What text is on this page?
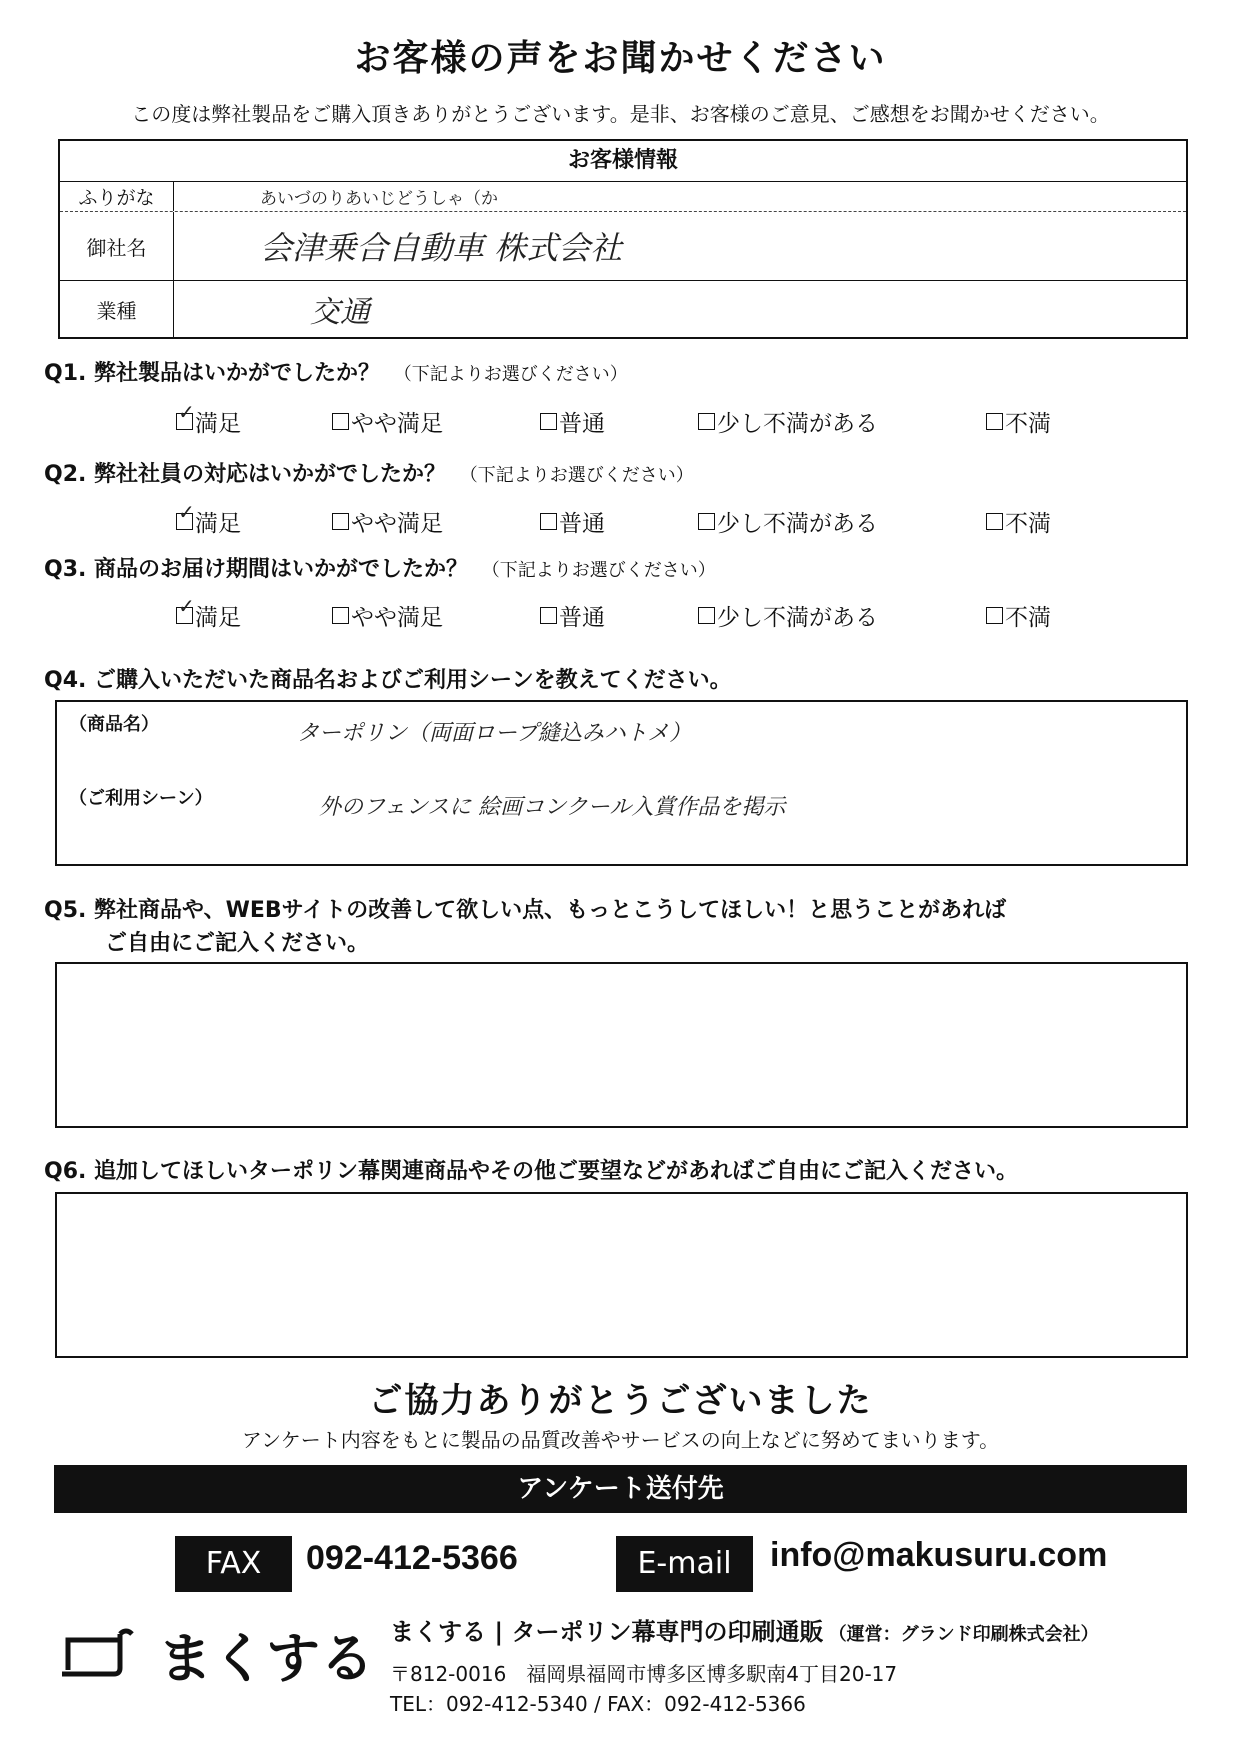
お客様の声をお聞かせください
この度は弊社製品をご購入頂きありがとうございます。是非、お客様のご意見、ご感想をお聞かせください。
お客様情報
ふりがな	あいづのりあいじどうしゃ（か
御社名	会津乗合自動車 株式会社
業種	交通
Q1. 弊社製品はいかがでしたか？ （下記よりお選びください）
✓
満足	やや満足	普通	少し不満がある	不満
Q2. 弊社社員の対応はいかがでしたか？ （下記よりお選びください）
✓
満足	やや満足	普通	少し不満がある	不満
Q3. 商品のお届け期間はいかがでしたか？ （下記よりお選びください）
✓
満足	やや満足	普通	少し不満がある	不満
Q4. ご購入いただいた商品名およびご利用シーンを教えてください。
（商品名）	ターポリン（両面ロープ縫込みハトメ）
（ご利用シーン）	外のフェンスに 絵画コンクール入賞作品を掲示
Q5. 弊社商品や、WEBサイトの改善して欲しい点、もっとこうしてほしい！と思うことがあれば
ご自由にご記入ください。
Q6. 追加してほしいターポリン幕関連商品やその他ご要望などがあればご自由にご記入ください。
ご協力ありがとうございました
アンケート内容をもとに製品の品質改善やサービスの向上などに努めてまいります。
アンケート送付先
FAX	092-412-5366	E-mail	info@makusuru.com
まくする まくする | ターポリン幕専門の印刷通販 （運営：グランド印刷株式会社）
〒812-0016　福岡県福岡市博多区博多駅南4丁目20-17
TEL：092-412-5340 / FAX：092-412-5366
